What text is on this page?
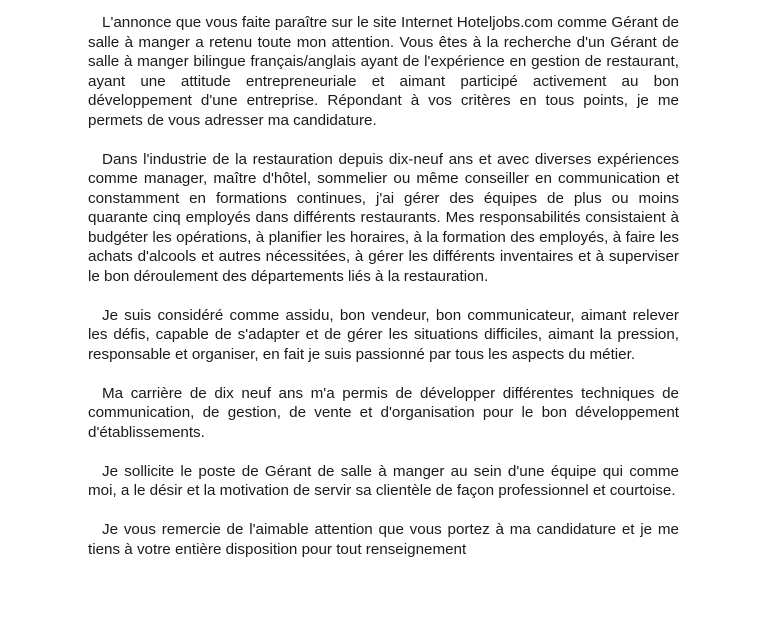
L'annonce que vous faite paraître sur le site Internet Hoteljobs.com comme Gérant de salle à manger a retenu toute mon attention. Vous êtes à la recherche d'un Gérant de salle à manger bilingue français/anglais ayant de l'expérience en gestion de restaurant, ayant une attitude entrepreneuriale et aimant participé activement au bon développement d'une entreprise. Répondant à vos critères en tous points, je me permets de vous adresser ma candidature.

Dans l'industrie de la restauration depuis dix-neuf ans et avec diverses expériences comme manager, maître d'hôtel, sommelier ou même conseiller en communication et constamment en formations continues, j'ai gérer des équipes de plus ou moins quarante cinq employés dans différents restaurants. Mes responsabilités consistaient à budgéter les opérations, à planifier les horaires, à la formation des employés, à faire les achats d'alcools et autres nécessitées, à gérer les différents inventaires et à superviser le bon déroulement des départements liés à la restauration.

Je suis considéré comme assidu, bon vendeur, bon communicateur, aimant relever les défis, capable de s'adapter et de gérer les situations difficiles, aimant la pression, responsable et organiser, en fait je suis passionné par tous les aspects du métier.

Ma carrière de dix neuf ans m'a permis de développer différentes techniques de communication, de gestion, de vente et d'organisation pour le bon développement d'établissements.

Je sollicite le poste de Gérant de salle à manger au sein d'une équipe qui comme moi, a le désir et la motivation de servir sa clientèle de façon professionnel et courtoise.

Je vous remercie de l'aimable attention que vous portez à ma candidature et je me tiens à votre entière disposition pour tout renseignement
